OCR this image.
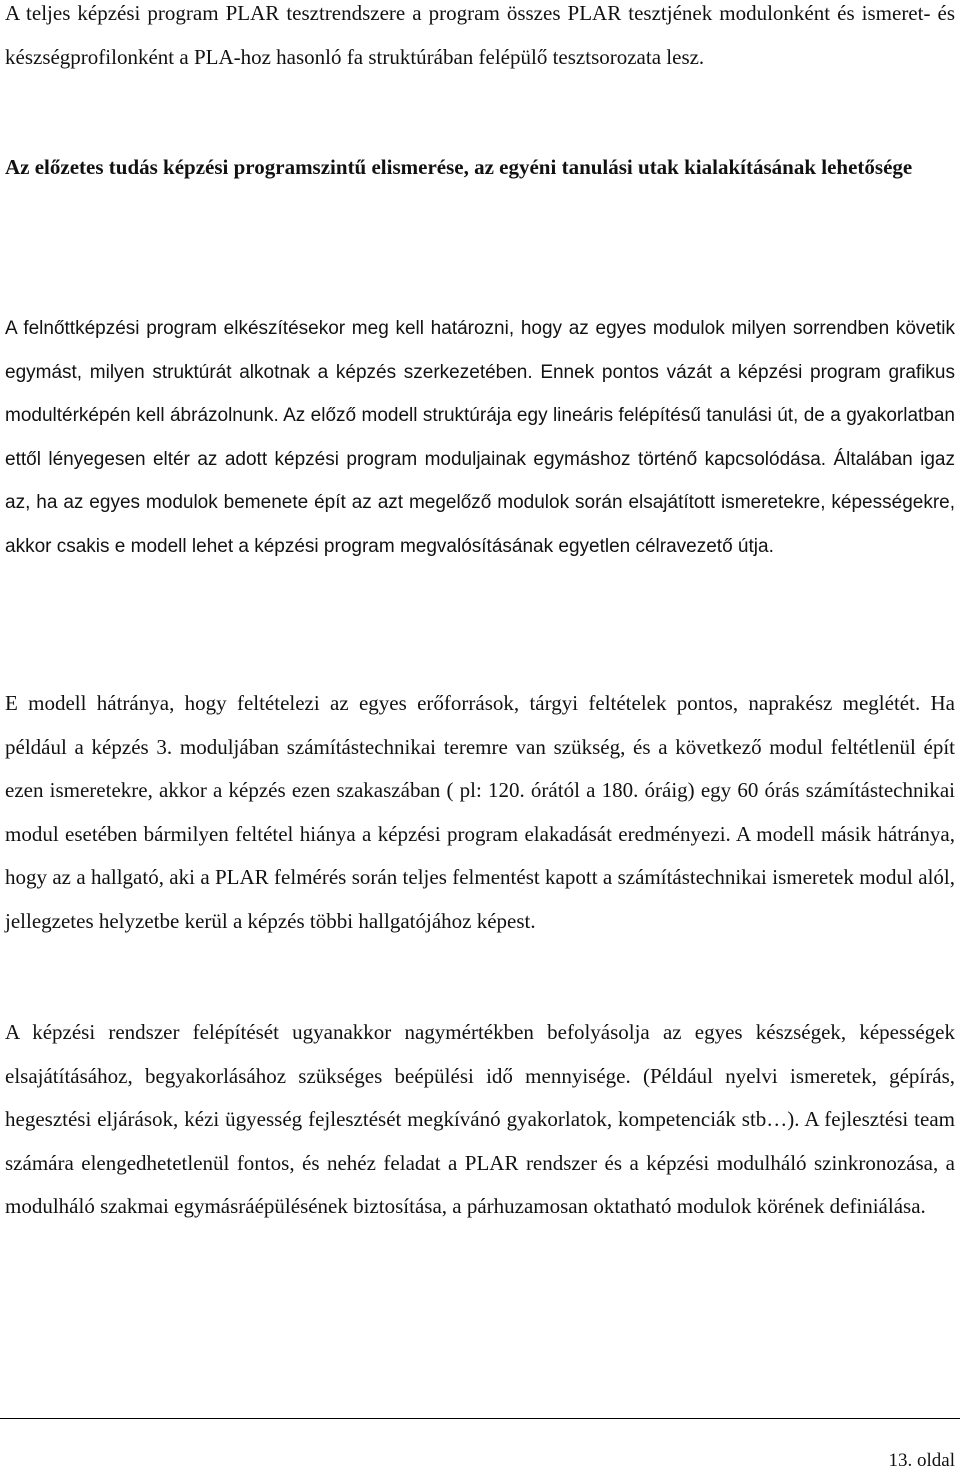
A teljes képzési program PLAR tesztrendszere a program összes PLAR tesztjének modulonként és ismeret- és készségprofilonként a PLA-hoz hasonló fa struktúrában felépülő tesztsorozata lesz.

Az előzetes tudás képzési programszintű elismerése, az egyéni tanulási utak kialakításának lehetősége

A felnőttképzési program elkészítésekor meg kell határozni, hogy az egyes modulok milyen sorrendben követik egymást, milyen struktúrát alkotnak a képzés szerkezetében. Ennek pontos vázát a képzési program grafikus modultérképén kell ábrázolnunk. Az előző modell struktúrája egy lineáris felépítésű tanulási út, de a gyakorlatban ettől lényegesen eltér az adott képzési program moduljainak egymáshoz történő kapcsolódása. Általában igaz az, ha az egyes modulok bemenete épít az azt megelőző modulok során elsajátított ismeretekre, képességekre, akkor csakis e modell lehet a képzési program megvalósításának egyetlen célravezető útja.

E modell hátránya, hogy feltételezi az egyes erőforrások, tárgyi feltételek pontos, naprakész meglétét. Ha például a képzés 3. moduljában számítástechnikai teremre van szükség, és a következő modul feltétlenül épít ezen ismeretekre, akkor a képzés ezen szakaszában ( pl: 120. órától a 180. óráig) egy 60 órás számítástechnikai modul esetében bármilyen feltétel hiánya a képzési program elakadását eredményezi. A modell másik hátránya, hogy az a hallgató, aki a PLAR felmérés során teljes felmentést kapott a számítástechnikai ismeretek modul alól, jellegzetes helyzetbe kerül a képzés többi hallgatójához képest.

A képzési rendszer felépítését ugyanakkor nagymértékben befolyásolja az egyes készségek, képességek elsajátításához, begyakorlásához szükséges beépülési idő mennyisége. (Például nyelvi ismeretek, gépírás, hegesztési eljárások, kézi ügyesség fejlesztését megkívánó gyakorlatok, kompetenciák stb…). A fejlesztési team számára elengedhetetlenül fontos, és nehéz feladat a PLAR rendszer és a képzési modulháló szinkronozása, a modulháló szakmai egymásráépülésének biztosítása, a párhuzamosan oktatható modulok körének definiálása.

13. oldal
